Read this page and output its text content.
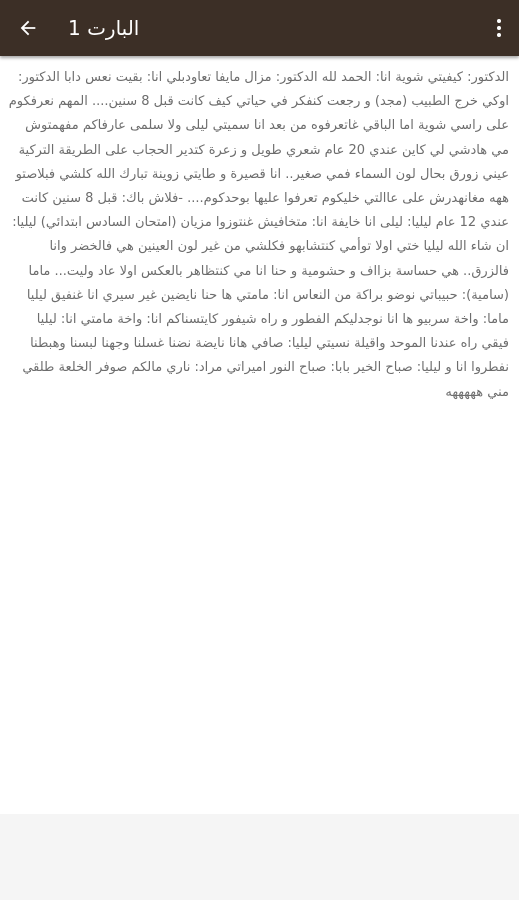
البارت 1

الدكتور: كيفيتي شوية انا: الحمد لله الدكتور: مزال مايفا تعاودبلي انا: بقيت نعس دابا الدكتور: اوكي خرج الطبيب (مجد) و رجعت كنفكر في حياتي كيف كانت قبل 8 سنين.... المهم نعرفكوم على راسي شوية اما الباقي غاتعرفوه من بعد انا سميتي ليلى ولا سلمى عارفاكم مفهمتوش مي هادشي لي كاين عندي 20 عام شعري طويل و زعرة كتدير الحجاب على الطريقة التركية عيني زورق بحال لون السماء فمي صغير.. انا قصيرة و طايتي زوينة تبارك الله كلشي فبلاصتو ههه مغانهدرش على عاالتي خليكوم تعرفوا عليها بوحدكوم.... -فلاش باك: قبل 8 سنين كانت عندي 12 عام ليليا: ليلى انا خايفة انا: متخافيش غنتوزوا مزيان (امتحان السادس ابتدائي) ليليا: ان شاء الله ليليا ختي اولا توأمي كنتشابهو فكلشي من غير لون العينين هي فالخضر وانا فالزرق.. هي حساسة بزااف و حشومية و حنا انا مي كنتظاهر بالعكس اولا عاد وليت... ماما (سامية): حبيباتي نوضو براكة من النعاس انا: مامتي ها حنا نايضين غير سيري انا غنفيق ليليا ماما: واخة سربيو ها انا نوجدليكم الفطور و راه شيفور كايتسناكم انا: واخة مامتي انا: ليليا فيقي راه عندنا الموحد واقيلة نسيتي ليليا: صافي هانا نايضة نضنا غسلنا وجهنا لبسنا وهبطنا نفطروا انا و ليليا: صباح الخير بابا: صباح النور اميراتي مراد: ناري مالكم صوفر الخلعة طلقي مني هههههه
